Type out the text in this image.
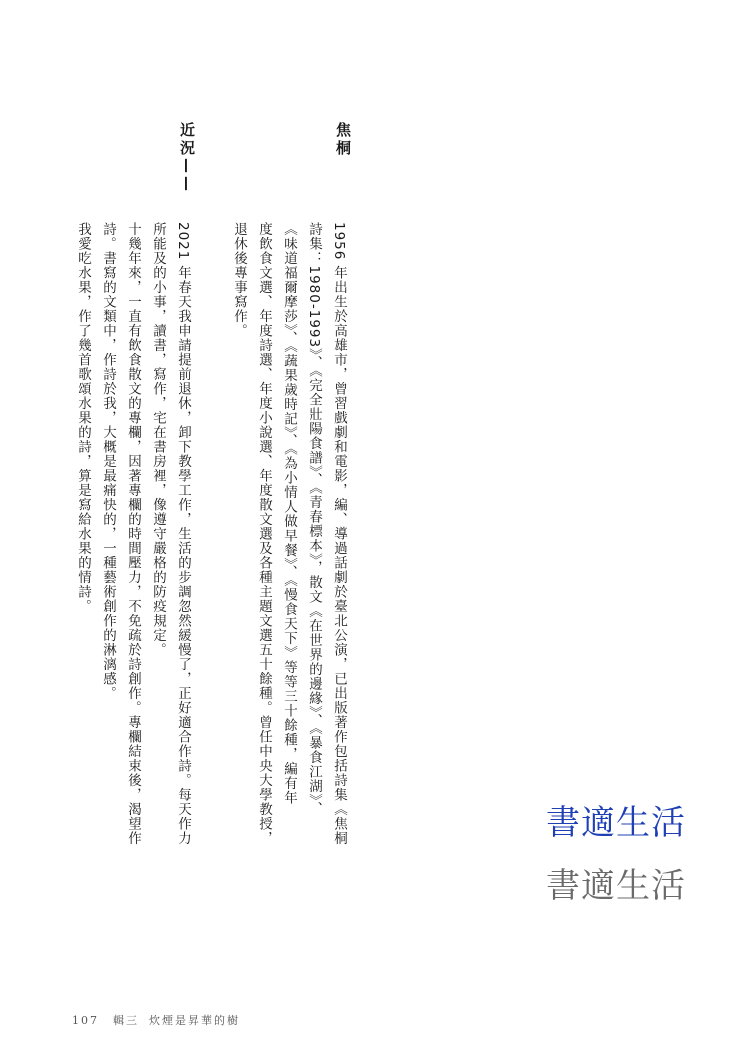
焦桐

近況——

1956 年出生於高雄市，曾習戲劇和電影，編、導過話劇於臺北公演，已出版著作包括詩集《焦桐
詩集：1980-1993》、《完全壯陽食譜》、《青春標本》，散文《在世界的邊緣》、《暴食江湖》、
《味道福爾摩莎》、《蔬果歲時記》、《為小情人做早餐》、《慢食天下》等等三十餘種，編有年
度飲食文選、年度詩選、年度小說選、年度散文選及各種主題文選五十餘種。曾任中央大學教授，
退休後專事寫作。
2021 年春天我申請提前退休，卸下教學工作，生活的步調忽然緩慢了，正好適合作詩。每天作力
所能及的小事，讀書，寫作，宅在書房裡，像遵守嚴格的防疫規定。
十幾年來，一直有飲食散文的專欄，因著專欄的時間壓力，不免疏於詩創作。專欄結束後，渴望作
詩。書寫的文類中，作詩於我，大概是最痛快的，一種藝術創作的淋漓感。
我愛吃水果，作了幾首歌頌水果的詩，算是寫給水果的情詩。

書適生活

書適生活

107 輯三 炊煙是昇華的樹
